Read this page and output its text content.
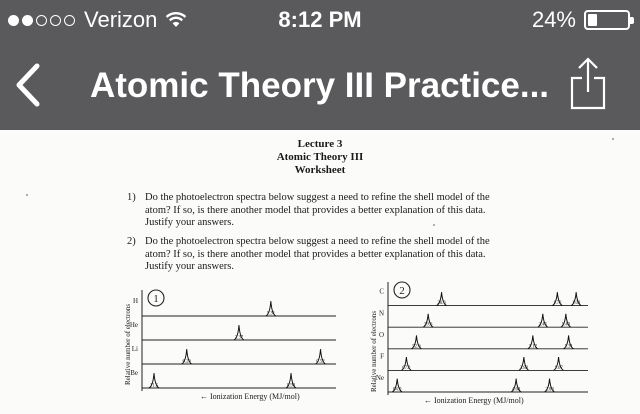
Verizon	8:12 PM	24%
Atomic Theory III Practice...
Lecture 3
Atomic Theory III
Worksheet
1) Do the photoelectron spectra below suggest a need to refine the shell model of the
atom? If so, is there another model that provides a better explanation of this data.
Justify your answers.
2) Do the photoelectron spectra below suggest a need to refine the shell model of the
atom? If so, is there another model that provides a better explanation of this data.
Justify your answers.
H
He
Li
Be
1
1.31
2.37
6.26	0.52
11.5	0.90
Relative number of electrons
← Ionization Energy (MJ/mol)
C
N
O
F
Ne
2
28.6	1.72 1.09
39.6	2.45	1.40
52.6	3.12	1.31
67.2	3.88	1.67
84.0	4.68	2.08
Relative number of electrons
← Ionization Energy (MJ/mol)
